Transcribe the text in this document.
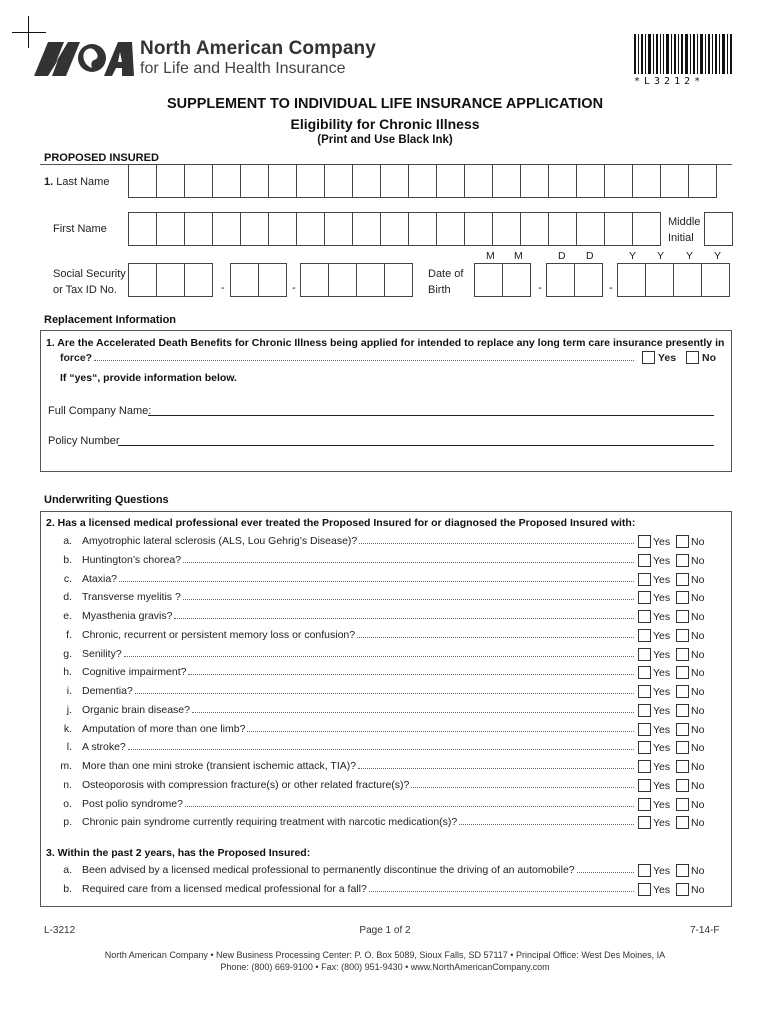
North American Company
for Life and Health Insurance
*L3212*
SUPPLEMENT TO INDIVIDUAL LIFE INSURANCE APPLICATION
Eligibility for Chronic Illness
(Print and Use Black Ink)
PROPOSED INSURED
1. Last Name
First Name
Middle
Initial
M M	D D	Y Y Y Y
Social Security
or Tax ID No.	-	-
Date of
Birth	-	-
Replacement Information
1. Are the Accelerated Death Benefits for Chronic Illness being applied for intended to replace any long term care insurance presently in
force?	Yes No
If “yes“, provide information below.
Full Company Name:
Policy Number
Underwriting Questions
2. Has a licensed medical professional ever treated the Proposed Insured for or diagnosed the Proposed Insured with:
a. Amyotrophic lateral sclerosis (ALS, Lou Gehrig’s Disease)?	Yes No
b. Huntington’s chorea?	Yes No
c. Ataxia?	Yes No
d. Transverse myelitis ?	Yes No
e. Myasthenia gravis?	Yes No
f. Chronic, recurrent or persistent memory loss or confusion?	Yes No
g. Senility?	Yes No
h. Cognitive impairment?	Yes No
i. Dementia?	Yes No
j. Organic brain disease?	Yes No
k. Amputation of more than one limb?	Yes No
l. A stroke?	Yes No
m. More than one mini stroke (transient ischemic attack, TIA)?	Yes No
n. Osteoporosis with compression fracture(s) or other related fracture(s)?	Yes No
o. Post polio syndrome?	Yes No
p. Chronic pain syndrome currently requiring treatment with narcotic medication(s)?	Yes No
3. Within the past 2 years, has the Proposed Insured:
a. Been advised by a licensed medical professional to permanently discontinue the driving of an automobile?	Yes No
b. Required care from a licensed medical professional for a fall?	Yes No
L-3212	Page 1 of 2	7-14-F
North American Company • New Business Processing Center: P. O. Box 5089, Sioux Falls, SD 57117 • Principal Office: West Des Moines, IA
Phone: (800) 669-9100 • Fax: (800) 951-9430 • www.NorthAmericanCompany.com
